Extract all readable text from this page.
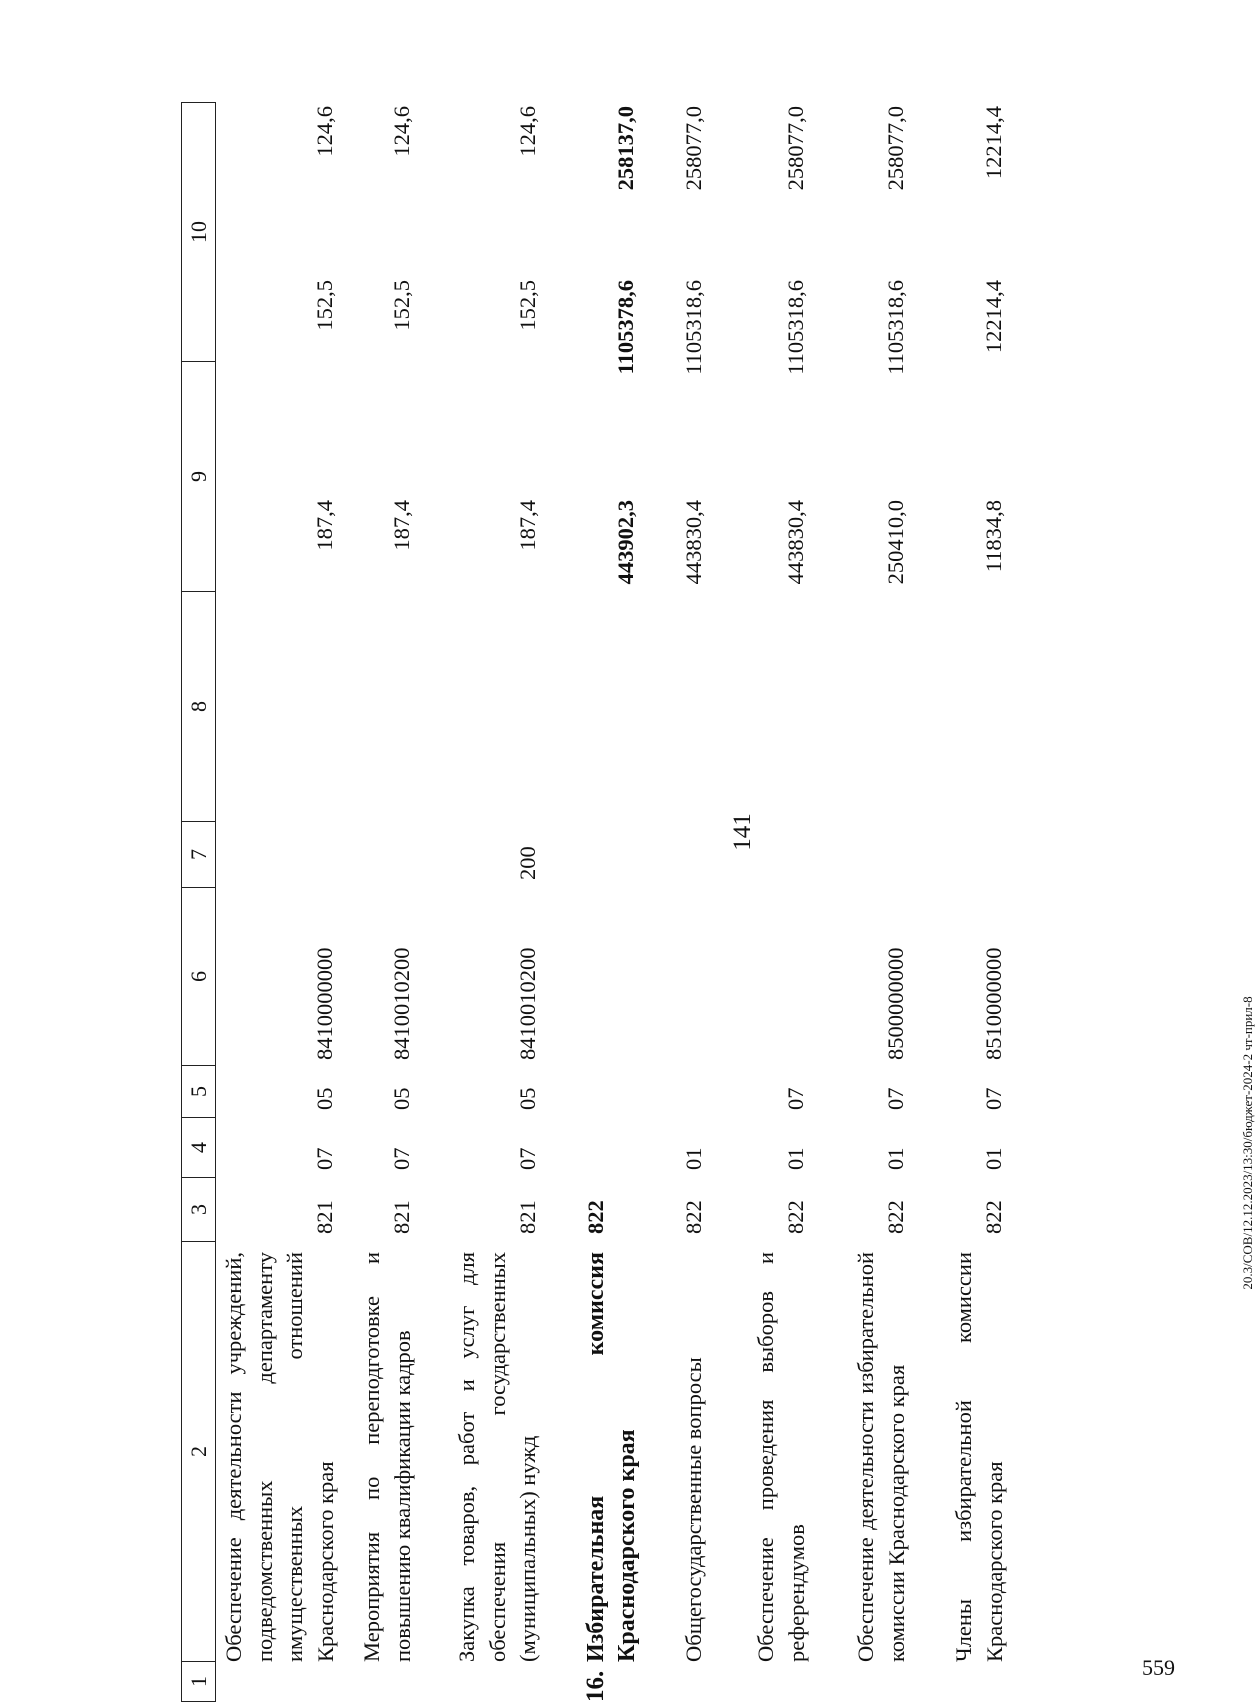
141
20.3/СОВ/12.12.2023/13:30/бюджет-2024-2 чт-прил-8
559
1
2
3
4
5
6
7
8
9
10
Обеспечение деятельности учреждений, подведомственных департаменту имущественных отношений Краснодарского края
821
07
05
8410000000
187,4
152,5
124,6
Мероприятия по переподготовке и повышению квалификации кадров
821
07
05
8410010200
187,4
152,5
124,6
Закупка товаров, работ и услуг для обеспечения государственных (муниципальных) нужд
821
07
05
8410010200
200
187,4
152,5
124,6
16.
Избирательная комиссия Краснодарского края
822
443902,3
1105378,6
258137,0
Общегосударственные вопросы
822
01
443830,4
1105318,6
258077,0
Обеспечение проведения выборов и референдумов
822
01
07
443830,4
1105318,6
258077,0
Обеспечение деятельности избирательной комиссии Краснодарского края
822
01
07
8500000000
250410,0
1105318,6
258077,0
Члены избирательной комиссии Краснодарского края
822
01
07
8510000000
11834,8
12214,4
12214,4
